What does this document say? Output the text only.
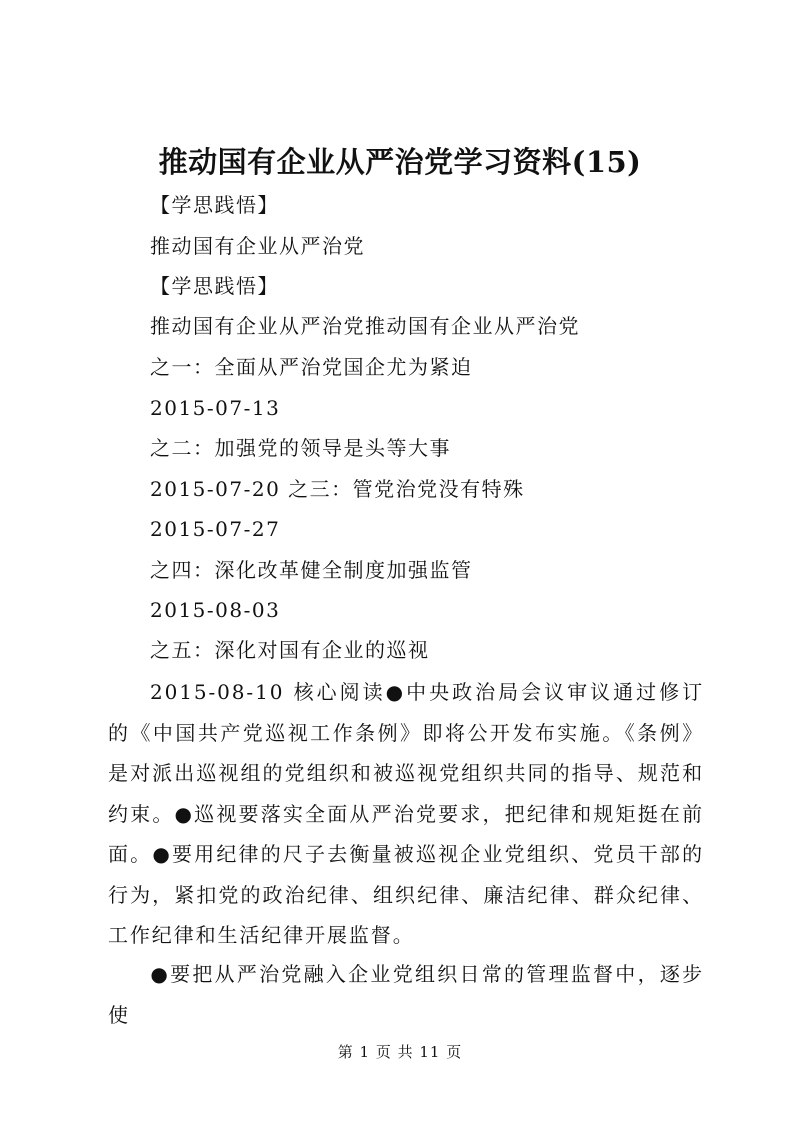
推动国有企业从严治党学习资料(15)
【学思践悟】
推动国有企业从严治党
【学思践悟】
推动国有企业从严治党推动国有企业从严治党
之一：全面从严治党国企尤为紧迫
2015-07-13
之二：加强党的领导是头等大事
2015-07-20 之三：管党治党没有特殊
2015-07-27
之四：深化改革健全制度加强监管
2015-08-03
之五：深化对国有企业的巡视

2015-08-10 核心阅读●中央政治局会议审议通过修订的《中国共产党巡视工作条例》即将公开发布实施。《条例》是对派出巡视组的党组织和被巡视党组织共同的指导、规范和约束。●巡视要落实全面从严治党要求，把纪律和规矩挺在前面。●要用纪律的尺子去衡量被巡视企业党组织、党员干部的行为，紧扣党的政治纪律、组织纪律、廉洁纪律、群众纪律、工作纪律和生活纪律开展监督。

●要把从严治党融入企业党组织日常的管理监督中，逐步使

第 1 页 共 11 页
